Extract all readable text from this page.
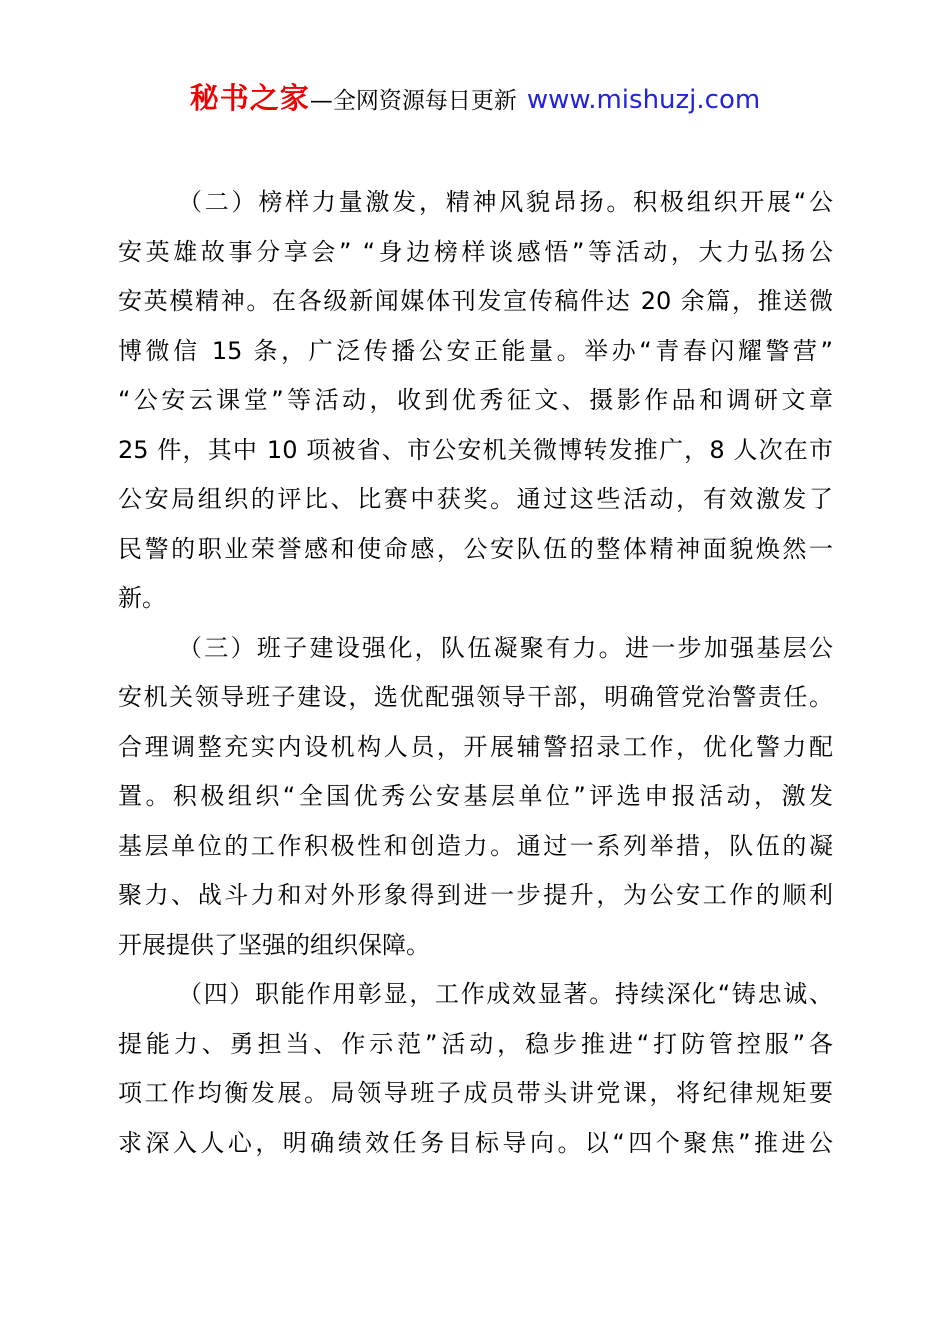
秘书之家—全网资源每日更新 www.mishuzj.com
（二）榜样力量激发，精神风貌昂扬。积极组织开展“公
安英雄故事分享会” “身边榜样谈感悟”等活动，大力弘扬公
安英模精神。在各级新闻媒体刊发宣传稿件达 20 余篇，推送微
博微信 15 条，广泛传播公安正能量。举办“青春闪耀警营”
“公安云课堂”等活动，收到优秀征文、摄影作品和调研文章
25 件，其中 10 项被省、市公安机关微博转发推广，8 人次在市
公安局组织的评比、比赛中获奖。通过这些活动，有效激发了
民警的职业荣誉感和使命感，公安队伍的整体精神面貌焕然一
新。
（三）班子建设强化，队伍凝聚有力。进一步加强基层公
安机关领导班子建设，选优配强领导干部，明确管党治警责任。
合理调整充实内设机构人员，开展辅警招录工作，优化警力配
置。积极组织“全国优秀公安基层单位”评选申报活动，激发
基层单位的工作积极性和创造力。通过一系列举措，队伍的凝
聚力、战斗力和对外形象得到进一步提升，为公安工作的顺利
开展提供了坚强的组织保障。
（四）职能作用彰显，工作成效显著。持续深化“铸忠诚、
提能力、勇担当、作示范”活动，稳步推进“打防管控服”各
项工作均衡发展。局领导班子成员带头讲党课，将纪律规矩要
求深入人心，明确绩效任务目标导向。以“四个聚焦”推进公
